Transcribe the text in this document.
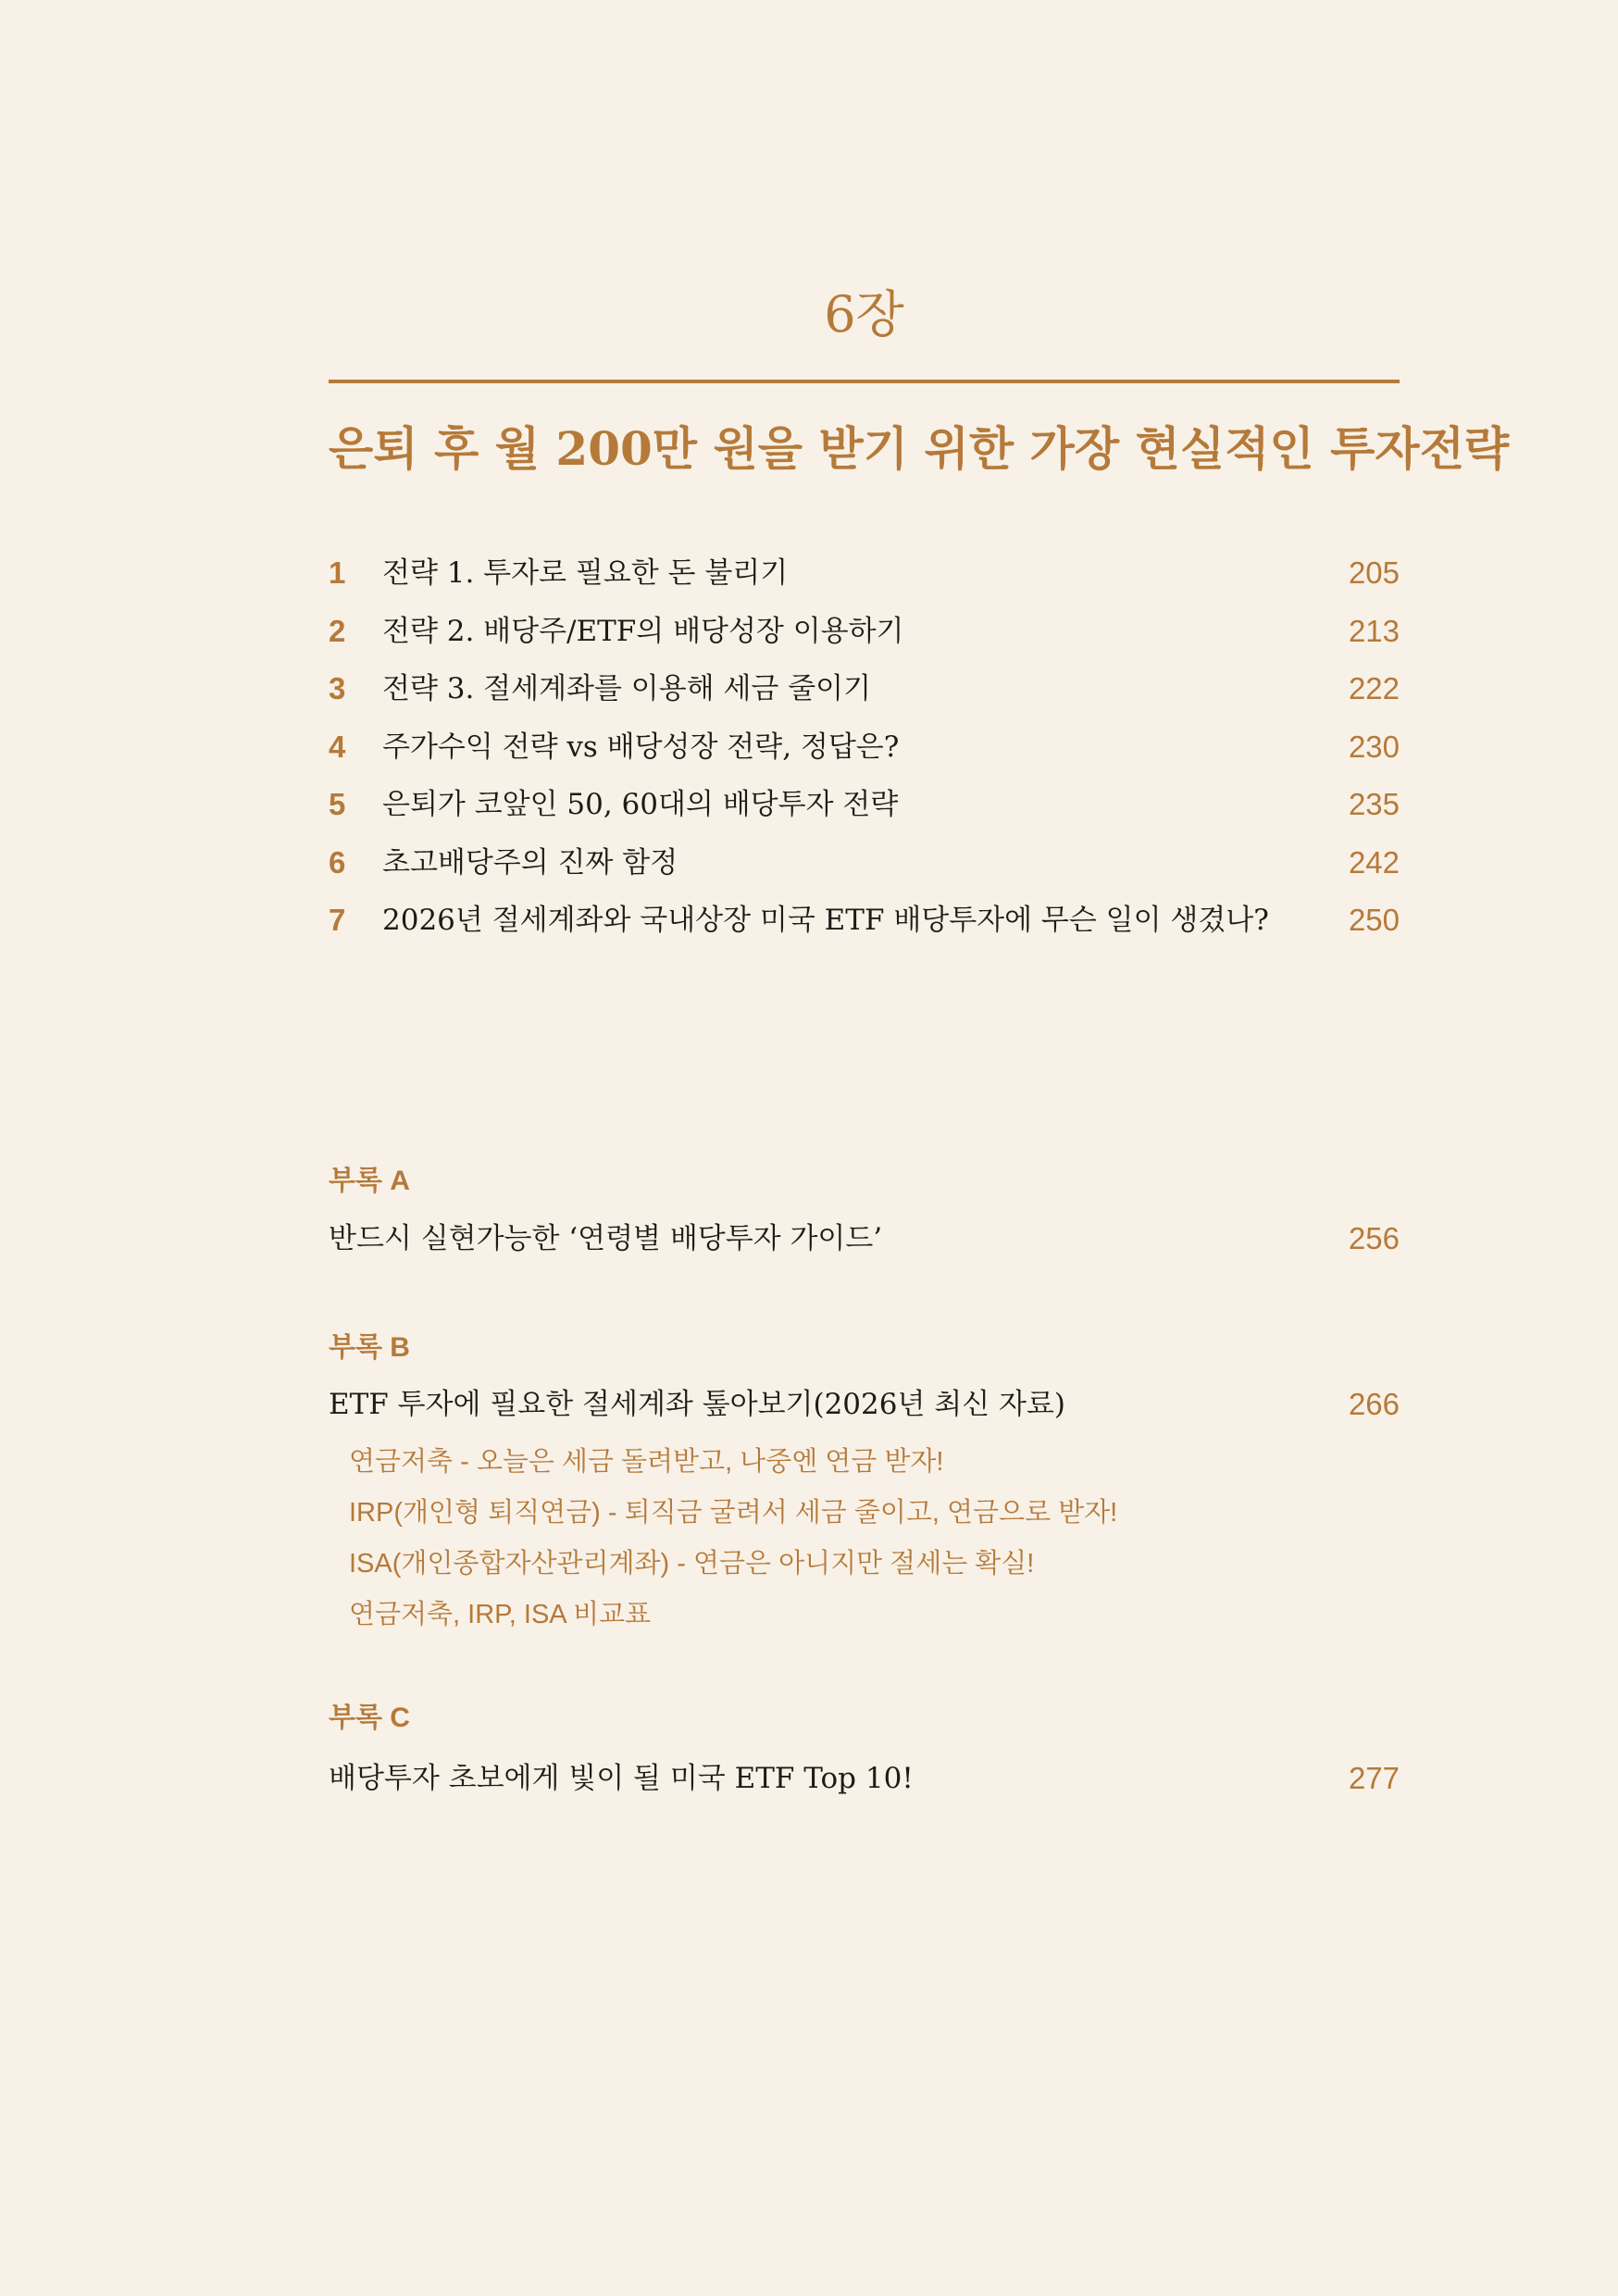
6장
은퇴 후 월 200만 원을 받기 위한 가장 현실적인 투자전략
1	전략 1. 투자로 필요한 돈 불리기	205
2	전략 2. 배당주/ETF의 배당성장 이용하기	213
3	전략 3. 절세계좌를 이용해 세금 줄이기	222
4	주가수익 전략 vs 배당성장 전략, 정답은?	230
5	은퇴가 코앞인 50, 60대의 배당투자 전략	235
6	초고배당주의 진짜 함정	242
7	2026년 절세계좌와 국내상장 미국 ETF 배당투자에 무슨 일이 생겼나?	250
부록 A
반드시 실현가능한 ‘연령별 배당투자 가이드’	256
부록 B
ETF 투자에 필요한 절세계좌 톺아보기(2026년 최신 자료)	266
연금저축 - 오늘은 세금 돌려받고, 나중엔 연금 받자!
IRP(개인형 퇴직연금) - 퇴직금 굴려서 세금 줄이고, 연금으로 받자!
ISA(개인종합자산관리계좌) - 연금은 아니지만 절세는 확실!
연금저축, IRP, ISA 비교표
부록 C
배당투자 초보에게 빛이 될 미국 ETF Top 10!	277
